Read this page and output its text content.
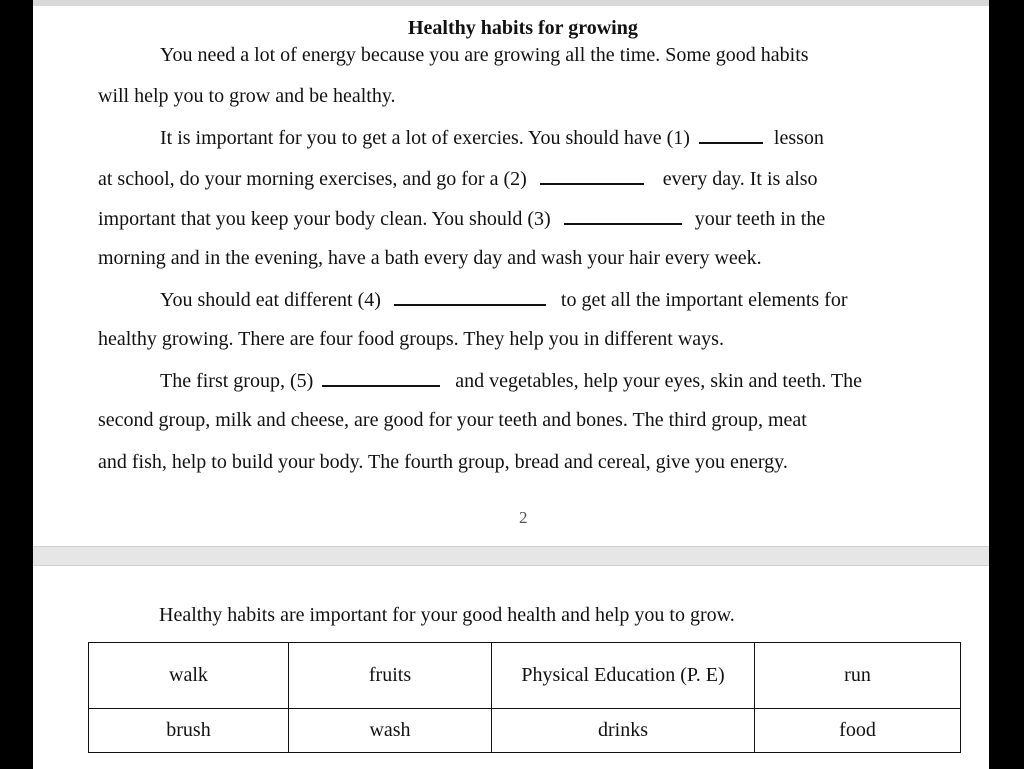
Healthy habits for growing
You need a lot of energy because you are growing all the time. Some good habits
will help you to grow and be healthy.
It is important for you to get a lot of exercies. You should have (1)	lesson
at school, do your morning exercises, and go for a (2)	every day. It is also
important that you keep your body clean. You should (3)	your teeth in the
morning and in the evening, have a bath every day and wash your hair every week.
You should eat different (4)	to get all the important elements for
healthy growing. There are four food groups. They help you in different ways.
The first group, (5)	and vegetables, help your eyes, skin and teeth. The
second group, milk and cheese, are good for your teeth and bones. The third group, meat
and fish, help to build your body. The fourth group, bread and cereal, give you energy.
2
Healthy habits are important for your good health and help you to grow.
walk	fruits	Physical Education (P. E)	run
brush	wash	drinks	food
